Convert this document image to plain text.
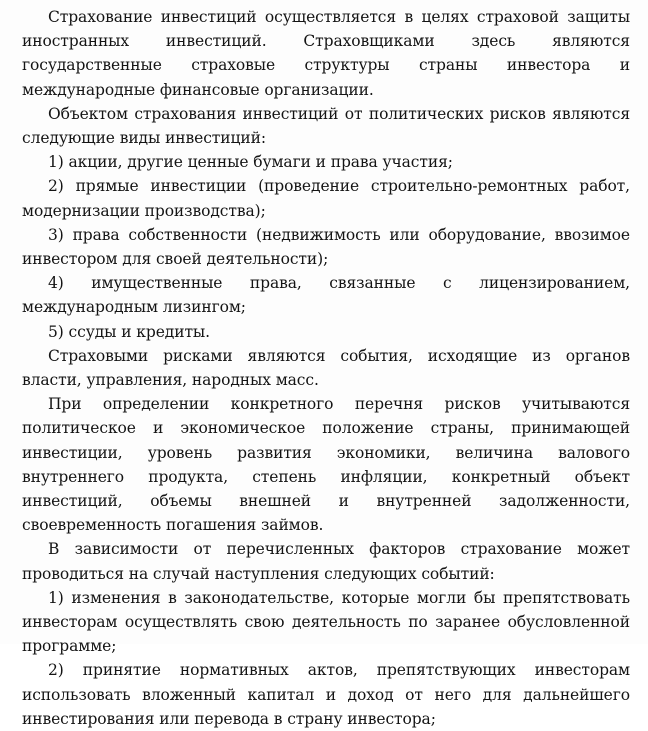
Страхование инвестиций осуществляется в целях страховой защиты иностранных инвестиций. Страховщиками здесь являются государственные страховые структуры страны инвестора и международные финансовые организации.

Объектом страхования инвестиций от политических рисков являются следующие виды инвестиций:

1) акции, другие ценные бумаги и права участия;

2) прямые инвестиции (проведение строительно-ремонтных работ, модернизации производства);

3) права собственности (недвижимость или оборудование, ввозимое инвестором для своей деятельности);

4) имущественные права, связанные с лицензированием, международным лизингом;

5) ссуды и кредиты.

Страховыми рисками являются события, исходящие из органов власти, управления, народных масс.

При определении конкретного перечня рисков учитываются политическое и экономическое положение страны, принимающей инвестиции, уровень развития экономики, величина валового внутреннего продукта, степень инфляции, конкретный объект инвестиций, объемы внешней и внутренней задолженности, своевременность погашения займов.

В зависимости от перечисленных факторов страхование может проводиться на случай наступления следующих событий:

1) изменения в законодательстве, которые могли бы препятствовать инвесторам осуществлять свою деятельность по заранее обусловленной программе;

2) принятие нормативных актов, препятствующих инвесторам использовать вложенный капитал и доход от него для дальнейшего инвестирования или перевода в страну инвестора;
